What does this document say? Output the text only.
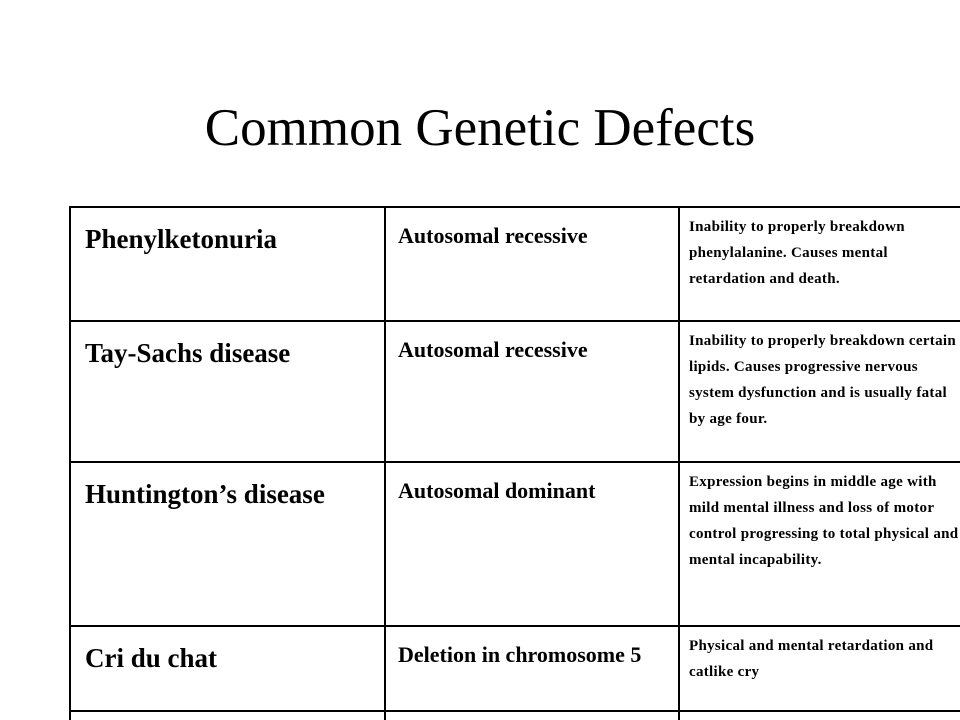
Common Genetic Defects
Phenylketonuria	Autosomal recessive	Inability to properly breakdown phenylalanine. Causes mental retardation and death.
Tay-Sachs disease	Autosomal recessive	Inability to properly breakdown certain lipids. Causes progressive nervous system dysfunction and is usually fatal by age four.
Huntington’s disease	Autosomal dominant	Expression begins in middle age with mild mental illness and loss of motor control progressing to total physical and mental incapability.
Cri du chat	Deletion in chromosome 5	Physical and mental retardation and catlike cry
